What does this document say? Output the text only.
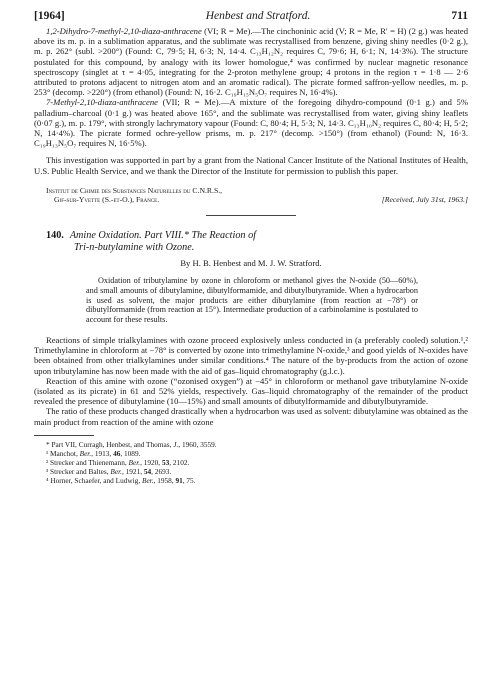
[1964]	Henbest and Stratford.	711

1,2-Dihydro-7-methyl-2,10-diaza-anthracene (VI; R = Me).—The cinchoninic acid (V; R = Me, R′ = H) (2 g.) was heated above its m. p. in a sublimation apparatus, and the sublimate was recrystallised from benzene, giving shiny needles (0·2 g.), m. p. 262° (subl. >200°) (Found: C, 79·5; H, 6·3; N, 14·4. C₁₃H₁₂N₂ requires C, 79·6; H, 6·1; N, 14·3%). The structure postulated for this compound, by analogy with its lower homologue,⁴ was confirmed by nuclear magnetic resonance spectroscopy (singlet at τ = 4·05, integrating for the 2-proton methylene group; 4 protons in the region τ = 1·8 — 2·6 attributed to protons adjacent to nitrogen atom and an aromatic radical). The picrate formed saffron-yellow needles, m. p. 253° (decomp. >220°) (from ethanol) (Found: N, 16·2. C₁₉H₁₅N₅O₇ requires N, 16·4%).

7-Methyl-2,10-diaza-anthracene (VII; R = Me).—A mixture of the foregoing dihydro-compound (0·1 g.) and 5% palladium–charcoal (0·1 g.) was heated above 165°, and the sublimate was recrystallised from water, giving shiny leaflets (0·07 g.), m. p. 179°, with strongly lachrymatory vapour (Found: C, 80·4; H, 5·3; N, 14·3. C₁₃H₁₀N₂ requires C, 80·4; H, 5·2; N, 14·4%). The picrate formed ochre-yellow prisms, m. p. 217° (decomp. >150°) (from ethanol) (Found: N, 16·3. C₁₉H₁₃N₅O₇ requires N, 16·5%).

This investigation was supported in part by a grant from the National Cancer Institute of the National Institutes of Health, U.S. Public Health Service, and we thank the Director of the Institute for permission to publish this paper.

Institut de Chimie des Substances Naturelles du C.N.R.S.,
Gif-sur-Yvette (S.-et-O.), France.	[Received, July 31st, 1963.]
140. Amine Oxidation. Part VIII.* The Reaction of
Tri-n-butylamine with Ozone.
By H. B. Henbest and M. J. W. Stratford.

Oxidation of tributylamine by ozone in chloroform or methanol gives the N-oxide (50—60%), and small amounts of dibutylamine, dibutylformamide, and dibutylbutyramide. When a hydrocarbon is used as solvent, the major products are either dibutylamine (from reaction at −78°) or dibutylformamide (from reaction at 15°). Intermediate production of a carbinolamine is postulated to account for these results.

Reactions of simple trialkylamines with ozone proceed explosively unless conducted in (a preferably cooled) solution.¹,² Trimethylamine in chloroform at −78° is converted by ozone into trimethylamine N-oxide,³ and good yields of N-oxides have been obtained from other trialkylamines under similar conditions.⁴ The nature of the by-products from the action of ozone upon tributylamine has now been made with the aid of gas–liquid chromatography (g.l.c.).

Reaction of this amine with ozone (“ozonised oxygen”) at −45° in chloroform or methanol gave tributylamine N-oxide (isolated as its picrate) in 61 and 52% yields, respectively. Gas–liquid chromatography of the remainder of the product revealed the presence of dibutylamine (10—15%) and small amounts of dibutylformamide and dibutylbutyramide.

The ratio of these products changed drastically when a hydrocarbon was used as solvent: dibutylamine was obtained as the main product from reaction of the amine with ozone

* Part VII, Curragh, Henbest, and Thomas, J., 1960, 3559.
¹ Manchot, Ber., 1913, 46, 1089.
² Strecker and Thienemann, Ber., 1920, 53, 2102.
³ Strecker and Baltes, Ber., 1921, 54, 2693.
⁴ Horner, Schaefer, and Ludwig, Ber., 1958, 91, 75.
